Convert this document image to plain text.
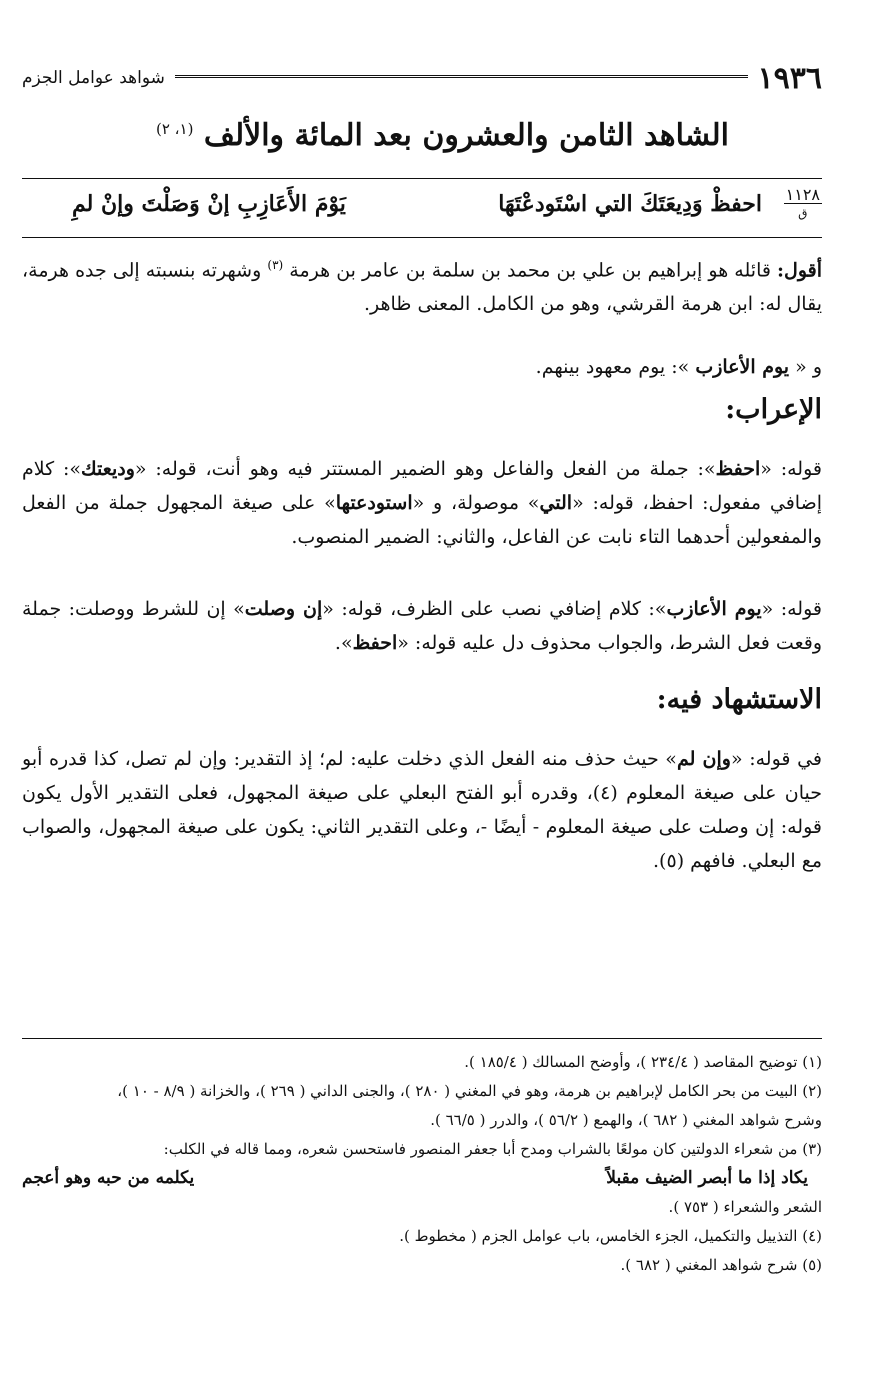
١٩٣٦
شواهد عوامل الجزم
الشاهد الثامن والعشرون بعد المائة والألف $^{(١، ٢)}$
١١٢٨
ق
احفظْ وَدِيعَتَكَ التي اسْتَودعْتَهَا
يَوْمَ الأَعَازِبِ إنْ وَصَلْتَ وإنْ لمِ
أقول: قائله هو إبراهيم بن علي بن محمد بن سلمة بن عامر بن هرمة $^{(٣)}$ وشهرته بنسبته إلى جده هرمة، يقال له: ابن هرمة القرشي، وهو من الكامل. المعنى ظاهر.
و « يوم الأعازب »: يوم معهود بينهم.
الإعراب:
قوله: «احفظ»: جملة من الفعل والفاعل وهو الضمير المستتر فيه وهو أنت، قوله: «وديعتك»: كلام إضافي مفعول: احفظ، قوله: «التي» موصولة، و «استودعتها» على صيغة المجهول جملة من الفعل والمفعولين أحدهما التاء نابت عن الفاعل، والثاني: الضمير المنصوب.
قوله: «يوم الأعازب»: كلام إضافي نصب على الظرف، قوله: «إن وصلت» إن للشرط ووصلت: جملة وقعت فعل الشرط، والجواب محذوف دل عليه قوله: «احفظ».
الاستشهاد فيه:
في قوله: «وإن لم» حيث حذف منه الفعل الذي دخلت عليه: لم؛ إذ التقدير: وإن لم تصل، كذا قدره أبو حيان على صيغة المعلوم (٤)، وقدره أبو الفتح البعلي على صيغة المجهول، فعلى التقدير الأول يكون قوله: إن وصلت على صيغة المعلوم - أيضًا -، وعلى التقدير الثاني: يكون على صيغة المجهول، والصواب مع البعلي. فافهم (٥).
(١) توضيح المقاصد ( ٢٣٤/٤ )، وأوضح المسالك ( ١٨٥/٤ ).
(٢) البيت من بحر الكامل لإبراهيم بن هرمة، وهو في المغني ( ٢٨٠ )، والجنى الداني ( ٢٦٩ )، والخزانة ( ٨/٩ - ١٠ )،
وشرح شواهد المغني ( ٦٨٢ )، والهمع ( ٥٦/٢ )، والدرر ( ٦٦/٥ ).
(٣) من شعراء الدولتين كان مولعًا بالشراب ومدح أبا جعفر المنصور فاستحسن شعره، ومما قاله في الكلب:
يكاد إذا ما أبصر الضيف مقبلاً
يكلمه من حبه وهو أعجم
الشعر والشعراء ( ٧٥٣ ).
(٤) التذييل والتكميل، الجزء الخامس، باب عوامل الجزم ( مخطوط ).
(٥) شرح شواهد المغني ( ٦٨٢ ).
